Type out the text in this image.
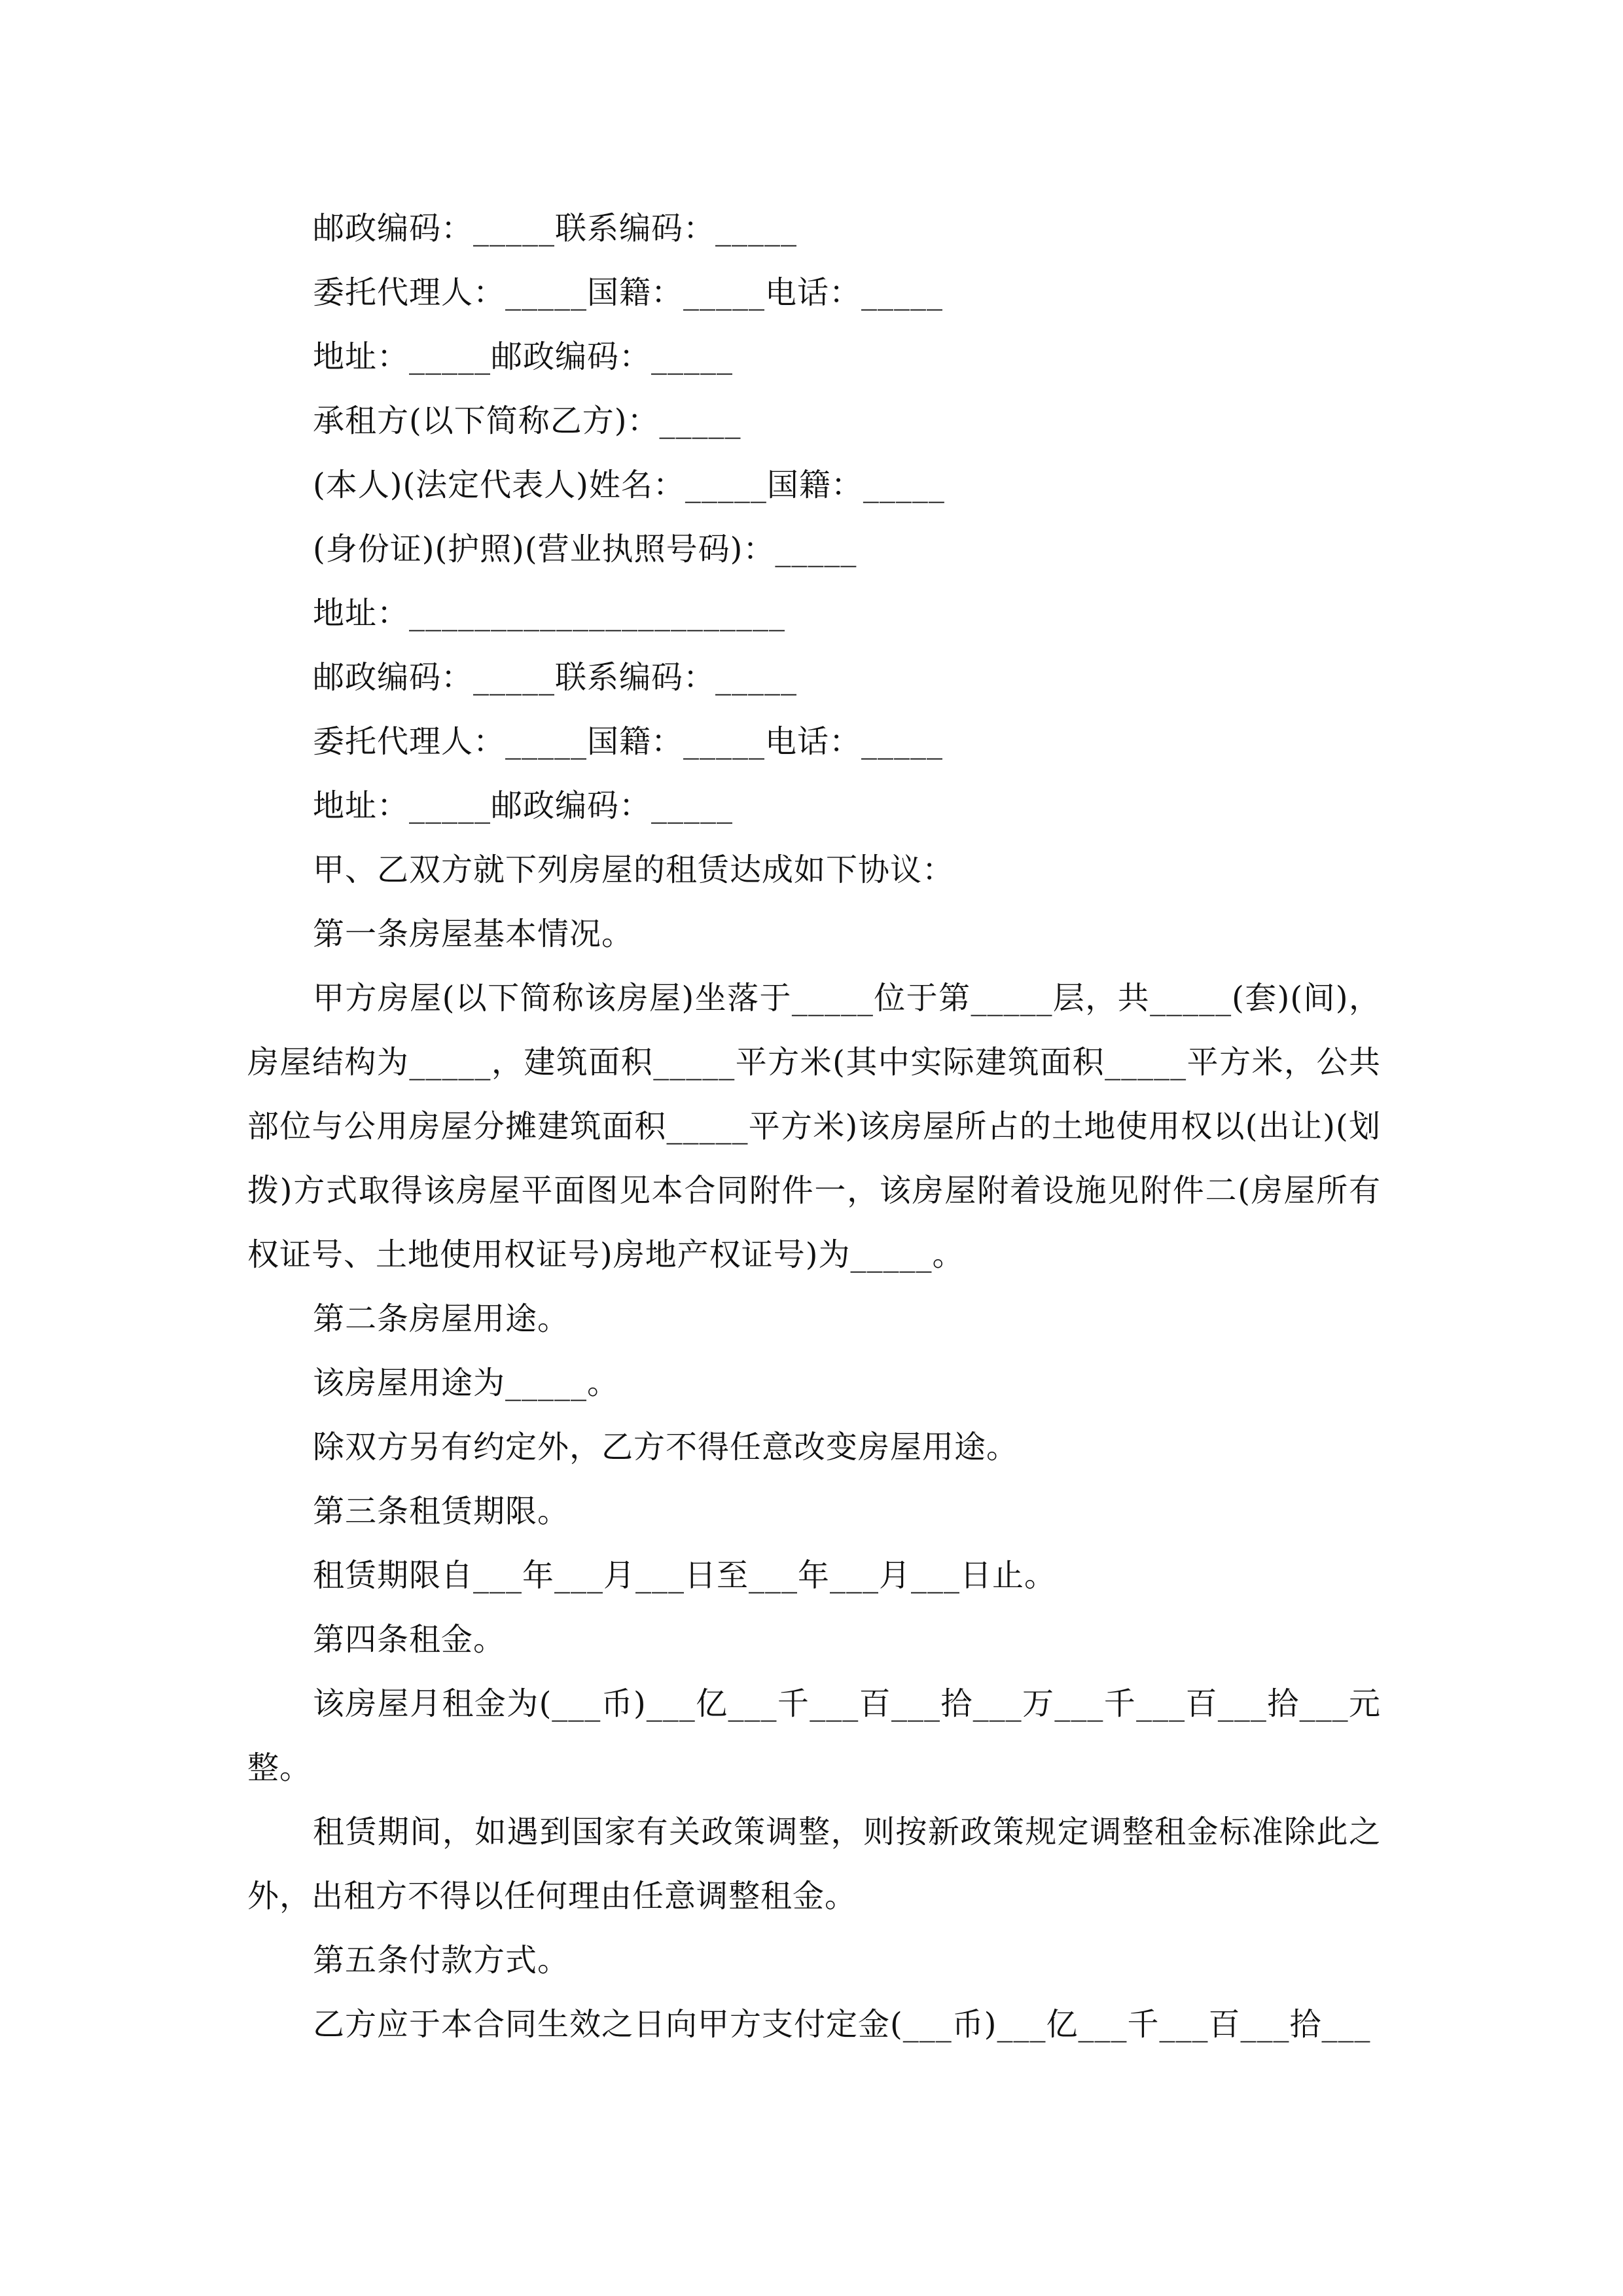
邮政编码：_____联系编码：_____
委托代理人：_____国籍：_____电话：_____
地址：_____邮政编码：_____
承租方(以下简称乙方)：_____
(本人)(法定代表人)姓名：_____国籍：_____
(身份证)(护照)(营业执照号码)：_____
地址：_______________________
邮政编码：_____联系编码：_____
委托代理人：_____国籍：_____电话：_____
地址：_____邮政编码：_____
甲、乙双方就下列房屋的租赁达成如下协议：
第一条房屋基本情况。

甲方房屋(以下简称该房屋)坐落于_____位于第_____层，共_____(套)(间)，房屋结构为_____，建筑面积_____平方米(其中实际建筑面积_____平方米，公共部位与公用房屋分摊建筑面积_____平方米)该房屋所占的土地使用权以(出让)(划拨)方式取得该房屋平面图见本合同附件一，该房屋附着设施见附件二(房屋所有权证号、土地使用权证号)房地产权证号)为_____。

第二条房屋用途。
该房屋用途为_____。
除双方另有约定外，乙方不得任意改变房屋用途。
第三条租赁期限。
租赁期限自___年___月___日至___年___月___日止。
第四条租金。

该房屋月租金为(___币)___亿___千___百___拾___万___千___百___拾___元整。

租赁期间，如遇到国家有关政策调整，则按新政策规定调整租金标准除此之外，出租方不得以任何理由任意调整租金。

第五条付款方式。

乙方应于本合同生效之日向甲方支付定金(___币)___亿___千___百___拾___
